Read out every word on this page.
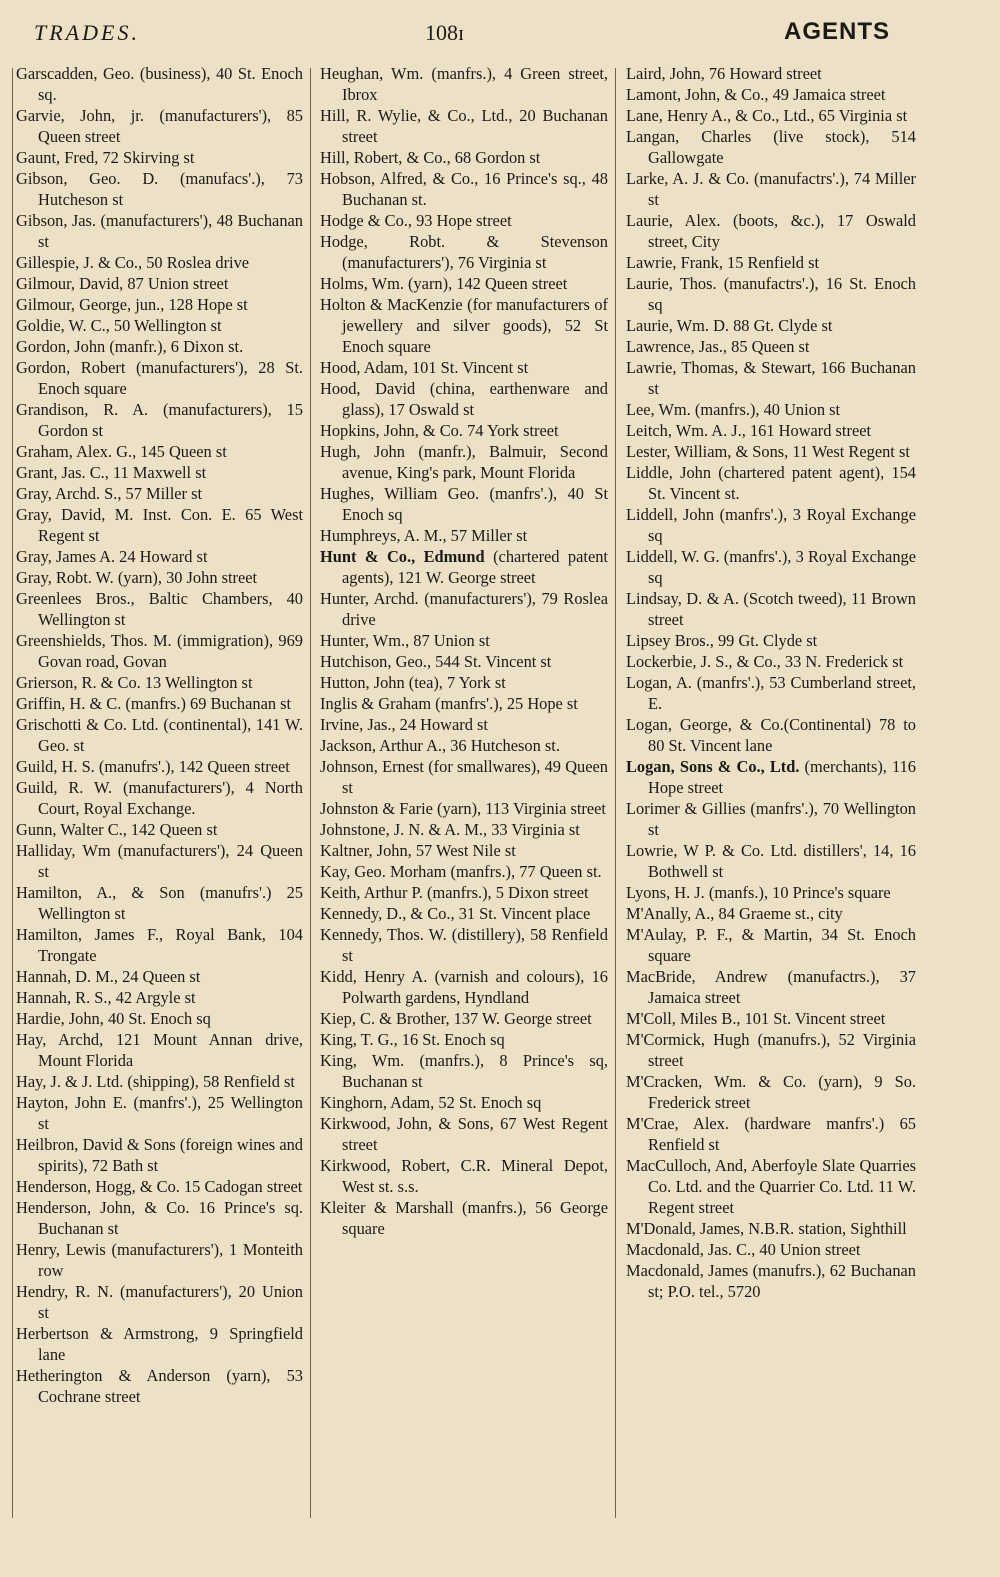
TRADES.	108ɪ	AGENTS

Garscadden, Geo. (business), 40 St. Enoch sq.

Garvie, John, jr. (manufacturers'), 85 Queen street

Gaunt, Fred, 72 Skirving st

Gibson, Geo. D. (manufacs'.), 73 Hutcheson st

Gibson, Jas. (manufacturers'), 48 Buchanan st

Gillespie, J. & Co., 50 Roslea drive

Gilmour, David, 87 Union street

Gilmour, George, jun., 128 Hope st

Goldie, W. C., 50 Wellington st

Gordon, John (manfr.), 6 Dixon st.

Gordon, Robert (manufacturers'), 28 St. Enoch square

Grandison, R. A. (manufacturers), 15 Gordon st

Graham, Alex. G., 145 Queen st

Grant, Jas. C., 11 Maxwell st

Gray, Archd. S., 57 Miller st

Gray, David, M. Inst. Con. E. 65 West Regent st

Gray, James A. 24 Howard st

Gray, Robt. W. (yarn), 30 John street

Greenlees Bros., Baltic Chambers, 40 Wellington st

Greenshields, Thos. M. (immigration), 969 Govan road, Govan

Grierson, R. & Co. 13 Wellington st

Griffin, H. & C. (manfrs.) 69 Buchanan st

Grischotti & Co. Ltd. (continental), 141 W. Geo. st

Guild, H. S. (manufrs'.), 142 Queen street

Guild, R. W. (manufacturers'), 4 North Court, Royal Exchange.

Gunn, Walter C., 142 Queen st

Halliday, Wm (manufacturers'), 24 Queen st

Hamilton, A., & Son (manufrs'.) 25 Wellington st

Hamilton, James F., Royal Bank, 104 Trongate

Hannah, D. M., 24 Queen st

Hannah, R. S., 42 Argyle st

Hardie, John, 40 St. Enoch sq

Hay, Archd, 121 Mount Annan drive, Mount Florida

Hay, J. & J. Ltd. (shipping), 58 Renfield st

Hayton, John E. (manfrs'.), 25 Wellington st

Heilbron, David & Sons (foreign wines and spirits), 72 Bath st

Henderson, Hogg, & Co. 15 Cadogan street

Henderson, John, & Co. 16 Prince's sq. Buchanan st

Henry, Lewis (manufacturers'), 1 Monteith row

Hendry, R. N. (manufacturers'), 20 Union st

Herbertson & Armstrong, 9 Springfield lane

Hetherington & Anderson (yarn), 53 Cochrane street

Heughan, Wm. (manfrs.), 4 Green street, Ibrox

Hill, R. Wylie, & Co., Ltd., 20 Buchanan street

Hill, Robert, & Co., 68 Gordon st

Hobson, Alfred, & Co., 16 Prince's sq., 48 Buchanan st.

Hodge & Co., 93 Hope street

Hodge, Robt. & Stevenson (manufacturers'), 76 Virginia st

Holms, Wm. (yarn), 142 Queen street

Holton & MacKenzie (for manufacturers of jewellery and silver goods), 52 St Enoch square

Hood, Adam, 101 St. Vincent st

Hood, David (china, earthenware and glass), 17 Oswald st

Hopkins, John, & Co. 74 York street

Hugh, John (manfr.), Balmuir, Second avenue, King's park, Mount Florida

Hughes, William Geo. (manfrs'.), 40 St Enoch sq

Humphreys, A. M., 57 Miller st

Hunt & Co., Edmund (chartered patent agents), 121 W. George street

Hunter, Archd. (manufacturers'), 79 Roslea drive

Hunter, Wm., 87 Union st

Hutchison, Geo., 544 St. Vincent st

Hutton, John (tea), 7 York st

Inglis & Graham (manfrs'.), 25 Hope st

Irvine, Jas., 24 Howard st

Jackson, Arthur A., 36 Hutcheson st.

Johnson, Ernest (for smallwares), 49 Queen st

Johnston & Farie (yarn), 113 Virginia street

Johnstone, J. N. & A. M., 33 Virginia st

Kaltner, John, 57 West Nile st

Kay, Geo. Morham (manfrs.), 77 Queen st.

Keith, Arthur P. (manfrs.), 5 Dixon street

Kennedy, D., & Co., 31 St. Vincent place

Kennedy, Thos. W. (distillery), 58 Renfield st

Kidd, Henry A. (varnish and colours), 16 Polwarth gardens, Hyndland

Kiep, C. & Brother, 137 W. George street

King, T. G., 16 St. Enoch sq

King, Wm. (manfrs.), 8 Prince's sq, Buchanan st

Kinghorn, Adam, 52 St. Enoch sq

Kirkwood, John, & Sons, 67 West Regent street

Kirkwood, Robert, C.R. Mineral Depot, West st. s.s.

Kleiter & Marshall (manfrs.), 56 George square

Laird, John, 76 Howard street

Lamont, John, & Co., 49 Jamaica street

Lane, Henry A., & Co., Ltd., 65 Virginia st

Langan, Charles (live stock), 514 Gallowgate

Larke, A. J. & Co. (manufactrs'.), 74 Miller st

Laurie, Alex. (boots, &c.), 17 Oswald street, City

Lawrie, Frank, 15 Renfield st

Laurie, Thos. (manufactrs'.), 16 St. Enoch sq

Laurie, Wm. D. 88 Gt. Clyde st

Lawrence, Jas., 85 Queen st

Lawrie, Thomas, & Stewart, 166 Buchanan st

Lee, Wm. (manfrs.), 40 Union st

Leitch, Wm. A. J., 161 Howard street

Lester, William, & Sons, 11 West Regent st

Liddle, John (chartered patent agent), 154 St. Vincent st.

Liddell, John (manfrs'.), 3 Royal Exchange sq

Liddell, W. G. (manfrs'.), 3 Royal Exchange sq

Lindsay, D. & A. (Scotch tweed), 11 Brown street

Lipsey Bros., 99 Gt. Clyde st

Lockerbie, J. S., & Co., 33 N. Frederick st

Logan, A. (manfrs'.), 53 Cumberland street, E.

Logan, George, & Co.(Continental) 78 to 80 St. Vincent lane

Logan, Sons & Co., Ltd. (merchants), 116 Hope street

Lorimer & Gillies (manfrs'.), 70 Wellington st

Lowrie, W P. & Co. Ltd. distillers', 14, 16 Bothwell st

Lyons, H. J. (manfs.), 10 Prince's square

M'Anally, A., 84 Graeme st., city

M'Aulay, P. F., & Martin, 34 St. Enoch square

MacBride, Andrew (manufactrs.), 37 Jamaica street

M'Coll, Miles B., 101 St. Vincent street

M'Cormick, Hugh (manufrs.), 52 Virginia street

M'Cracken, Wm. & Co. (yarn), 9 So. Frederick street

M'Crae, Alex. (hardware manfrs'.) 65 Renfield st

MacCulloch, And, Aberfoyle Slate Quarries Co. Ltd. and the Quarrier Co. Ltd. 11 W. Regent street

M'Donald, James, N.B.R. station, Sighthill

Macdonald, Jas. C., 40 Union street

Macdonald, James (manufrs.), 62 Buchanan st; P.O. tel., 5720
